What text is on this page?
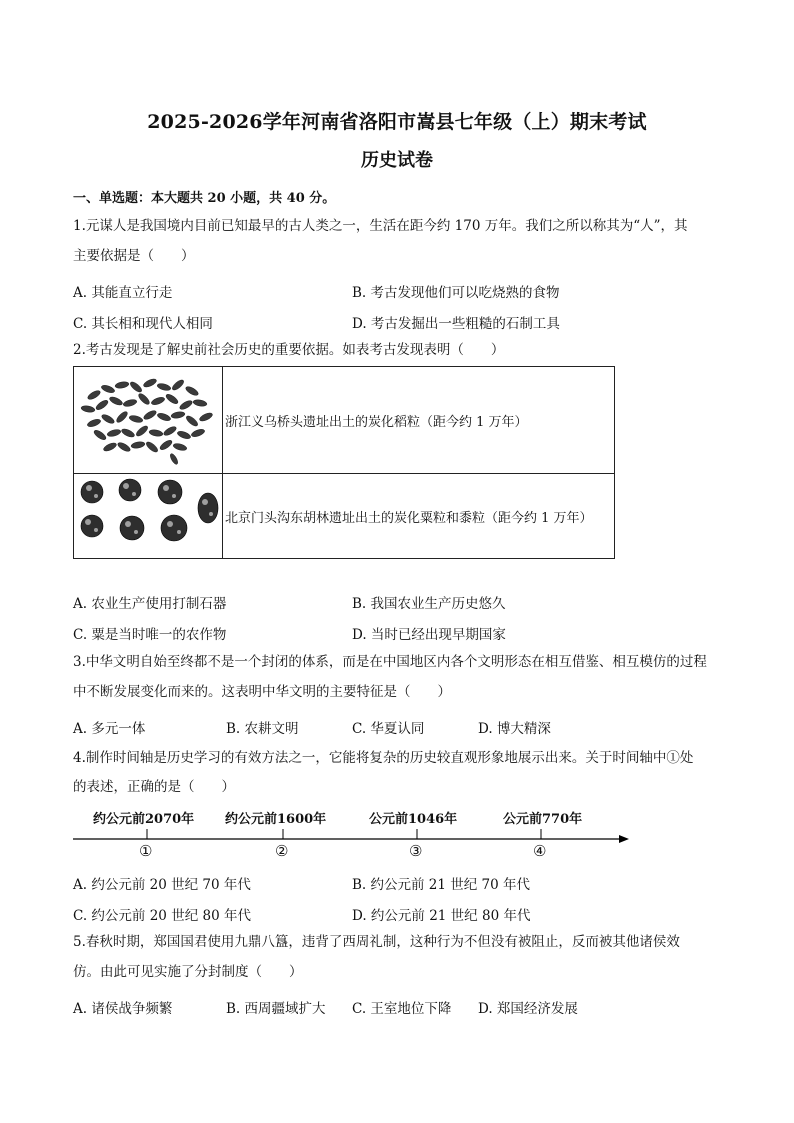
2025-2026学年河南省洛阳市嵩县七年级（上）期末考试
历史试卷
一、单选题：本大题共 20 小题，共 40 分。
1.元谋人是我国境内目前已知最早的古人类之一，生活在距今约 170 万年。我们之所以称其为“人”，其
主要依据是（　　）
A. 其能直立行走	B. 考古发现他们可以吃烧熟的食物
C. 其长相和现代人相同	D. 考古发掘出一些粗糙的石制工具
2.考古发现是了解史前社会历史的重要依据。如表考古发现表明（　　）
	浙江义乌桥头遗址出土的炭化稻粒（距今约 1 万年）
	北京门头沟东胡林遗址出土的炭化粟粒和黍粒（距今约 1 万年）
A. 农业生产使用打制石器	B. 我国农业生产历史悠久
C. 粟是当时唯一的农作物	D. 当时已经出现早期国家
3.中华文明自始至终都不是一个封闭的体系，而是在中国地区内各个文明形态在相互借鉴、相互模仿的过程
中不断发展变化而来的。这表明中华文明的主要特征是（　　）
A. 多元一体	B. 农耕文明	C. 华夏认同	D. 博大精深
4.制作时间轴是历史学习的有效方法之一，它能将复杂的历史较直观形象地展示出来。关于时间轴中①处
的表述，正确的是（　　）
约公元前2070年 约公元前1600年	公元前1046年	公元前770年
①	②	③	④
A. 约公元前 20 世纪 70 年代	B. 约公元前 21 世纪 70 年代
C. 约公元前 20 世纪 80 年代	D. 约公元前 21 世纪 80 年代
5.春秋时期，郑国国君使用九鼎八簋，违背了西周礼制，这种行为不但没有被阻止，反而被其他诸侯效
仿。由此可见实施了分封制度（　　）
A. 诸侯战争频繁	B. 西周疆域扩大 C. 王室地位下降 D. 郑国经济发展
